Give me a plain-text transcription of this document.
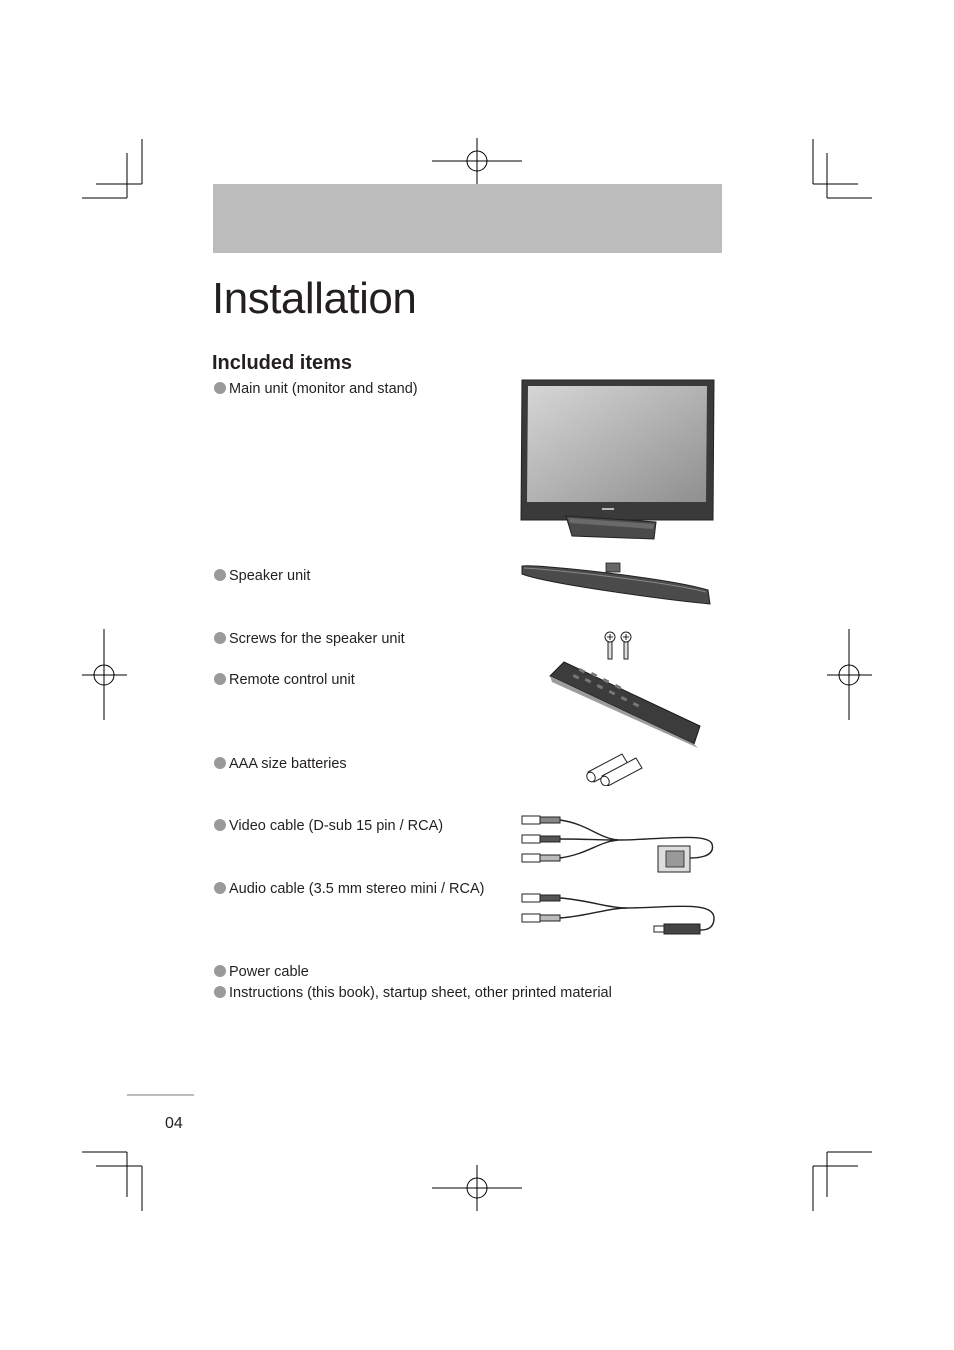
Installation
Included items
Main unit (monitor and stand)
Speaker unit
Screws for the speaker unit
Remote control unit
AAA size batteries
Video cable (D-sub 15 pin / RCA)
Audio cable (3.5 mm stereo mini / RCA)
Power cable
Instructions (this book), startup sheet, other printed material
04
